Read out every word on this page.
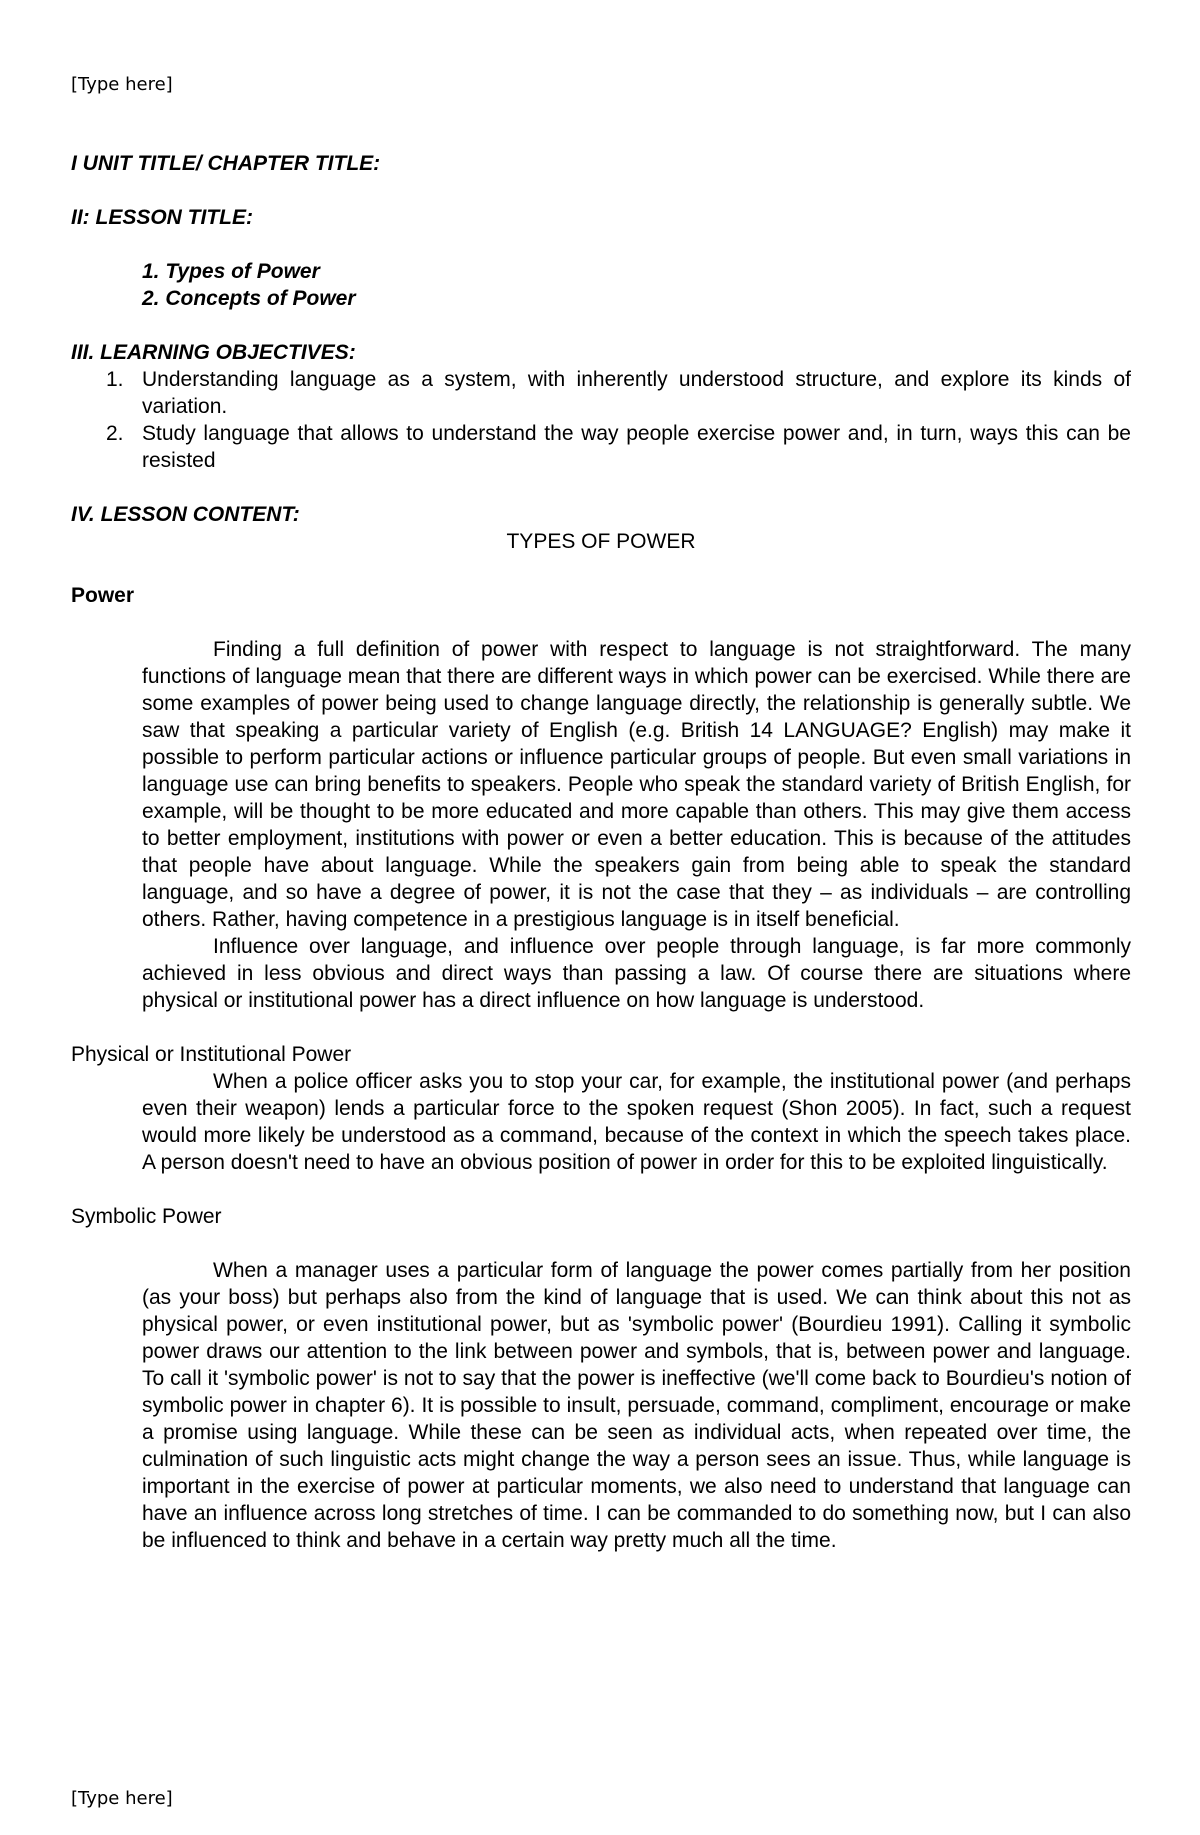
[Type here]

I UNIT TITLE/ CHAPTER TITLE:

II: LESSON TITLE:

1. Types of Power
2. Concepts of Power

III. LEARNING OBJECTIVES:

1. Understanding language as a system, with inherently understood structure, and explore its kinds of variation.
2. Study language that allows to understand the way people exercise power and, in turn, ways this can be resisted

IV. LESSON CONTENT:

TYPES OF POWER

Power

Finding a full definition of power with respect to language is not straightforward. The many functions of language mean that there are different ways in which power can be exercised. While there are some examples of power being used to change language directly, the relationship is generally subtle. We saw that speaking a particular variety of English (e.g. British 14 LANGUAGE? English) may make it possible to perform particular actions or influence particular groups of people. But even small variations in language use can bring benefits to speakers. People who speak the standard variety of British English, for example, will be thought to be more educated and more capable than others. This may give them access to better employment, institutions with power or even a better education. This is because of the attitudes that people have about language. While the speakers gain from being able to speak the standard language, and so have a degree of power, it is not the case that they – as individuals – are controlling others. Rather, having competence in a prestigious language is in itself beneficial.

Influence over language, and influence over people through language, is far more commonly achieved in less obvious and direct ways than passing a law. Of course there are situations where physical or institutional power has a direct influence on how language is understood.

Physical or Institutional Power

When a police officer asks you to stop your car, for example, the institutional power (and perhaps even their weapon) lends a particular force to the spoken request (Shon 2005). In fact, such a request would more likely be understood as a command, because of the context in which the speech takes place. A person doesn't need to have an obvious position of power in order for this to be exploited linguistically.

Symbolic Power

When a manager uses a particular form of language the power comes partially from her position (as your boss) but perhaps also from the kind of language that is used. We can think about this not as physical power, or even institutional power, but as 'symbolic power' (Bourdieu 1991). Calling it symbolic power draws our attention to the link between power and symbols, that is, between power and language. To call it 'symbolic power' is not to say that the power is ineffective (we'll come back to Bourdieu's notion of symbolic power in chapter 6). It is possible to insult, persuade, command, compliment, encourage or make a promise using language. While these can be seen as individual acts, when repeated over time, the culmination of such linguistic acts might change the way a person sees an issue. Thus, while language is important in the exercise of power at particular moments, we also need to understand that language can have an influence across long stretches of time. I can be commanded to do something now, but I can also be influenced to think and behave in a certain way pretty much all the time.

[Type here]
